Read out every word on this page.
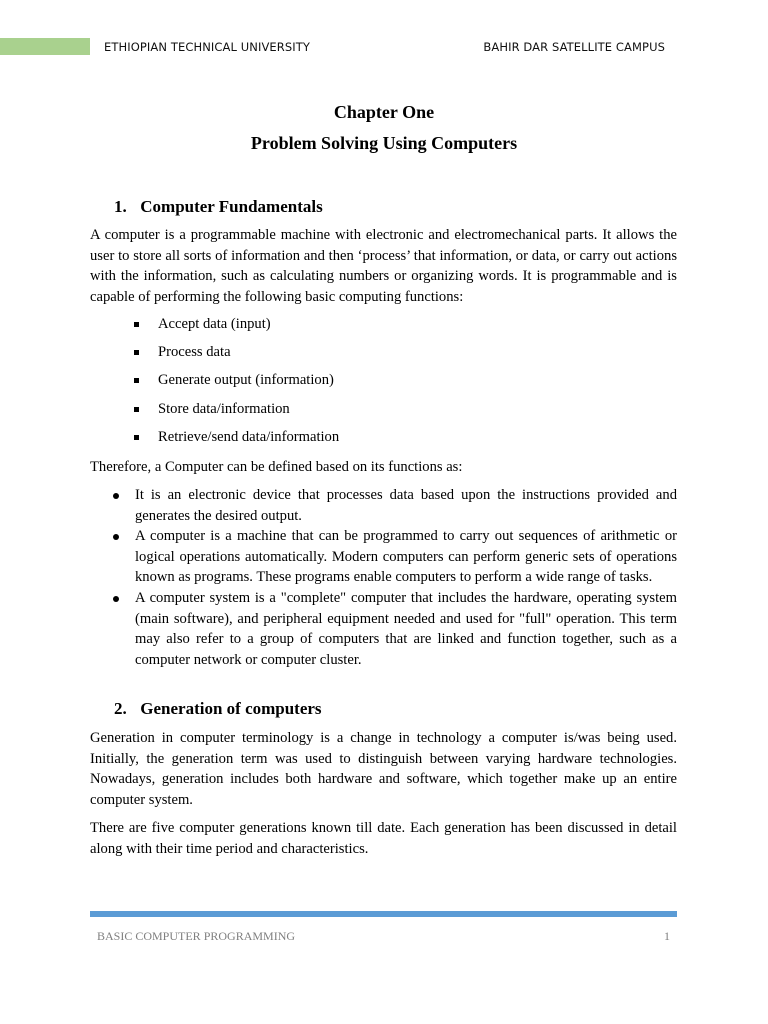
ETHIOPIAN TECHNICAL UNIVERSITY	BAHIR DAR SATELLITE CAMPUS
Chapter One
Problem Solving Using Computers
1. Computer Fundamentals

A computer is a programmable machine with electronic and electromechanical parts. It allows the user to store all sorts of information and then ‘process’ that information, or data, or carry out actions with the information, such as calculating numbers or organizing words. It is programmable and is capable of performing the following basic computing functions:

Accept data (input)
Process data
Generate output (information)
Store data/information
Retrieve/send data/information

Therefore, a Computer can be defined based on its functions as:

It is an electronic device that processes data based upon the instructions provided and generates the desired output.
A computer is a machine that can be programmed to carry out sequences of arithmetic or logical operations automatically. Modern computers can perform generic sets of operations known as programs. These programs enable computers to perform a wide range of tasks.
A computer system is a "complete" computer that includes the hardware, operating system (main software), and peripheral equipment needed and used for "full" operation. This term may also refer to a group of computers that are linked and function together, such as a computer network or computer cluster.
2. Generation of computers

Generation in computer terminology is a change in technology a computer is/was being used. Initially, the generation term was used to distinguish between varying hardware technologies. Nowadays, generation includes both hardware and software, which together make up an entire computer system.

There are five computer generations known till date. Each generation has been discussed in detail along with their time period and characteristics.

BASIC COMPUTER PROGRAMMING	1
